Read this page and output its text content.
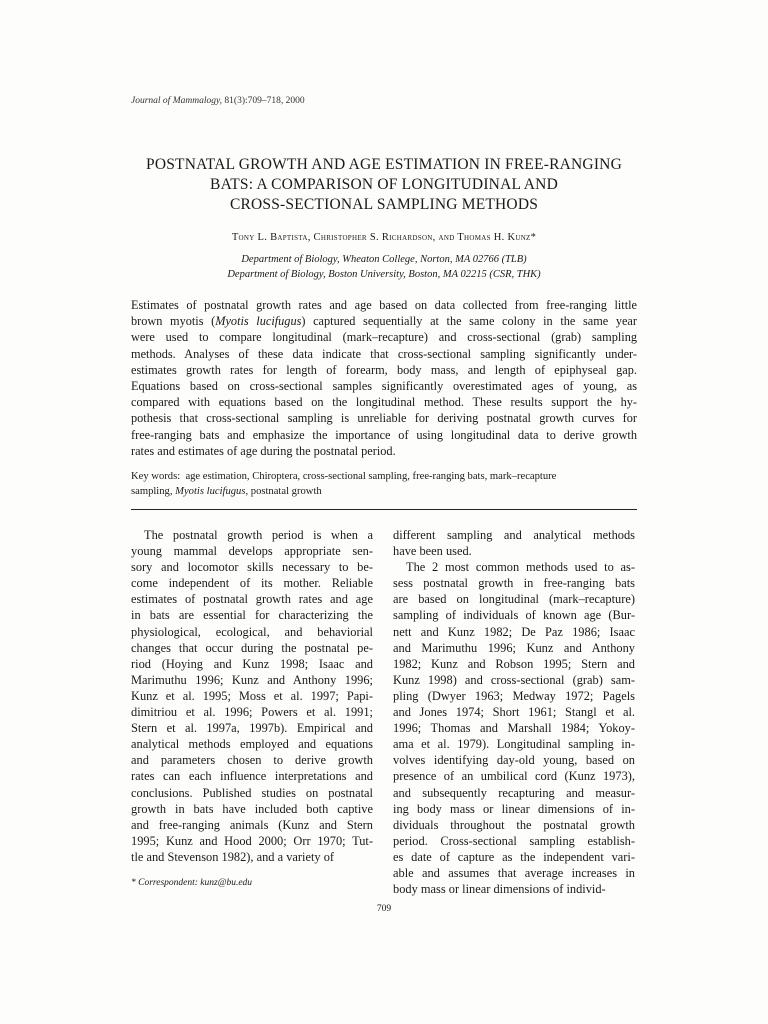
Journal of Mammalogy, 81(3):709–718, 2000
POSTNATAL GROWTH AND AGE ESTIMATION IN FREE-RANGING
BATS: A COMPARISON OF LONGITUDINAL AND
CROSS-SECTIONAL SAMPLING METHODS
Tony L. Baptista, Christopher S. Richardson, and Thomas H. Kunz*
Department of Biology, Wheaton College, Norton, MA 02766 (TLB)
Department of Biology, Boston University, Boston, MA 02215 (CSR, THK)
Estimates of postnatal growth rates and age based on data collected from free-ranging little
brown myotis (Myotis lucifugus) captured sequentially at the same colony in the same year
were used to compare longitudinal (mark–recapture) and cross-sectional (grab) sampling
methods. Analyses of these data indicate that cross-sectional sampling significantly under-
estimates growth rates for length of forearm, body mass, and length of epiphyseal gap.
Equations based on cross-sectional samples significantly overestimated ages of young, as
compared with equations based on the longitudinal method. These results support the hy-
pothesis that cross-sectional sampling is unreliable for deriving postnatal growth curves for
free-ranging bats and emphasize the importance of using longitudinal data to derive growth
rates and estimates of age during the postnatal period.
Key words:  age estimation, Chiroptera, cross-sectional sampling, free-ranging bats, mark–recapture
sampling, Myotis lucifugus, postnatal growth
The postnatal growth period is when a
young mammal develops appropriate sen-
sory and locomotor skills necessary to be-
come independent of its mother. Reliable
estimates of postnatal growth rates and age
in bats are essential for characterizing the
physiological, ecological, and behaviorial
changes that occur during the postnatal pe-
riod (Hoying and Kunz 1998; Isaac and
Marimuthu 1996; Kunz and Anthony 1996;
Kunz et al. 1995; Moss et al. 1997; Papi-
dimitriou et al. 1996; Powers et al. 1991;
Stern et al. 1997a, 1997b). Empirical and
analytical methods employed and equations
and parameters chosen to derive growth
rates can each influence interpretations and
conclusions. Published studies on postnatal
growth in bats have included both captive
and free-ranging animals (Kunz and Stern
1995; Kunz and Hood 2000; Orr 1970; Tut-
tle and Stevenson 1982), and a variety of
different sampling and analytical methods
have been used.
The 2 most common methods used to as-
sess postnatal growth in free-ranging bats
are based on longitudinal (mark–recapture)
sampling of individuals of known age (Bur-
nett and Kunz 1982; De Paz 1986; Isaac
and Marimuthu 1996; Kunz and Anthony
1982; Kunz and Robson 1995; Stern and
Kunz 1998) and cross-sectional (grab) sam-
pling (Dwyer 1963; Medway 1972; Pagels
and Jones 1974; Short 1961; Stangl et al.
1996; Thomas and Marshall 1984; Yokoy-
ama et al. 1979). Longitudinal sampling in-
volves identifying day-old young, based on
presence of an umbilical cord (Kunz 1973),
and subsequently recapturing and measur-
ing body mass or linear dimensions of in-
dividuals throughout the postnatal growth
period. Cross-sectional sampling establish-
es date of capture as the independent vari-
able and assumes that average increases in
body mass or linear dimensions of individ-
* Correspondent: kunz@bu.edu
709
